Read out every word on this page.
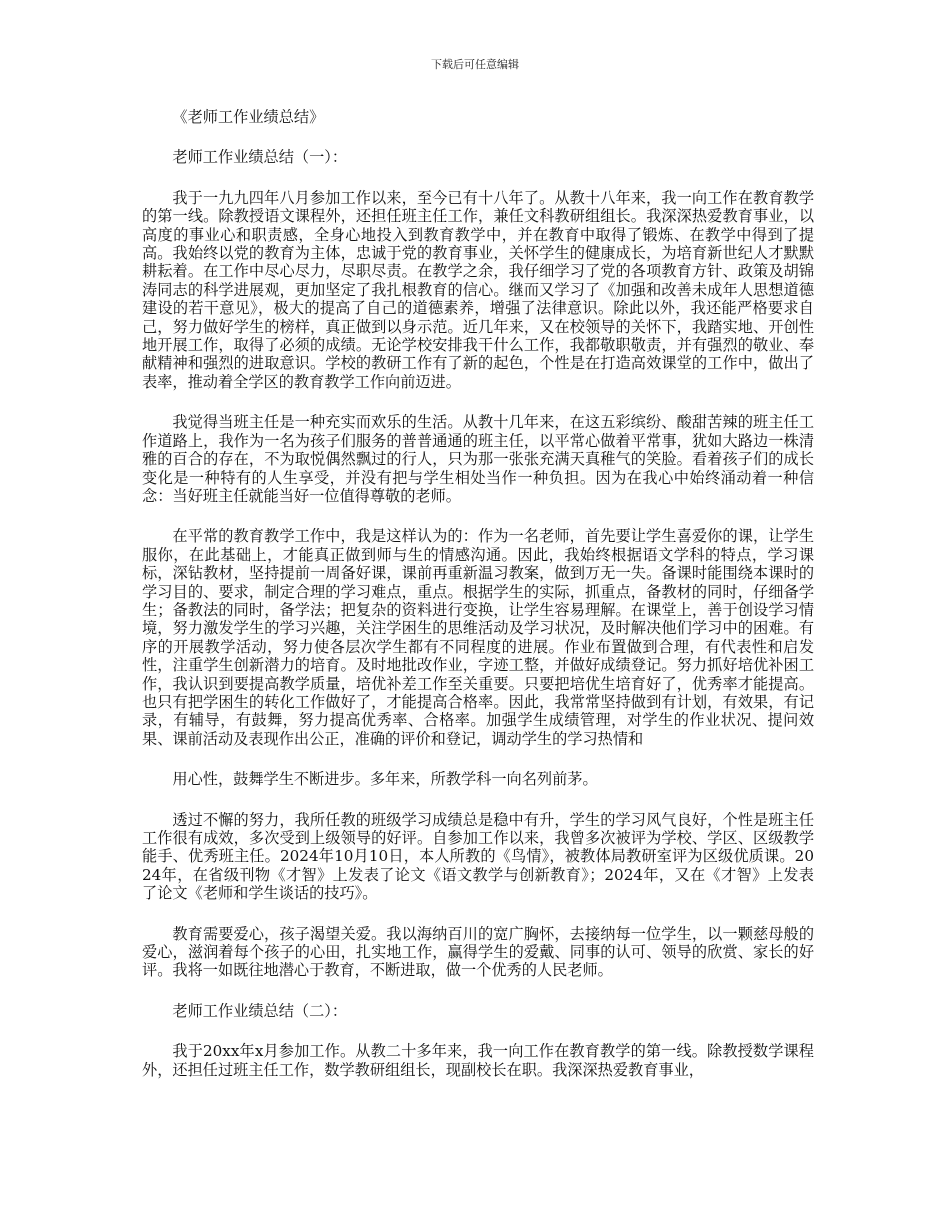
下载后可任意编辑

《老师工作业绩总结》

老师工作业绩总结（一）：

我于一九九四年八月参加工作以来，至今已有十八年了。从教十八年来，我一向工作在教育教学的第一线。除教授语文课程外，还担任班主任工作，兼任文科教研组组长。我深深热爱教育事业，以高度的事业心和职责感，全身心地投入到教育教学中，并在教育中取得了锻炼、在教学中得到了提高。我始终以党的教育为主体，忠诚于党的教育事业，关怀学生的健康成长，为培育新世纪人才默默耕耘着。在工作中尽心尽力，尽职尽责。在教学之余，我仔细学习了党的各项教育方针、政策及胡锦涛同志的科学进展观，更加坚定了我扎根教育的信心。继而又学习了《加强和改善未成年人思想道德建设的若干意见》，极大的提高了自己的道德素养，增强了法律意识。除此以外，我还能严格要求自己，努力做好学生的榜样，真正做到以身示范。近几年来，又在校领导的关怀下，我踏实地、开创性地开展工作，取得了必须的成绩。无论学校安排我干什么工作，我都敬职敬责，并有强烈的敬业、奉献精神和强烈的进取意识。学校的教研工作有了新的起色，个性是在打造高效课堂的工作中，做出了表率，推动着全学区的教育教学工作向前迈进。

我觉得当班主任是一种充实而欢乐的生活。从教十几年来，在这五彩缤纷、酸甜苦辣的班主任工作道路上，我作为一名为孩子们服务的普普通通的班主任，以平常心做着平常事，犹如大路边一株清雅的百合的存在，不为取悦偶然飘过的行人，只为那一张张充满天真稚气的笑脸。看着孩子们的成长变化是一种特有的人生享受，并没有把与学生相处当作一种负担。因为在我心中始终涌动着一种信念：当好班主任就能当好一位值得尊敬的老师。

在平常的教育教学工作中，我是这样认为的：作为一名老师，首先要让学生喜爱你的课，让学生服你，在此基础上，才能真正做到师与生的情感沟通。因此，我始终根据语文学科的特点，学习课标，深钻教材，坚持提前一周备好课，课前再重新温习教案，做到万无一失。备课时能围绕本课时的学习目的、要求，制定合理的学习难点，重点。根据学生的实际，抓重点，备教材的同时，仔细备学生；备教法的同时，备学法；把复杂的资料进行变换，让学生容易理解。在课堂上，善于创设学习情境，努力激发学生的学习兴趣，关注学困生的思维活动及学习状况，及时解决他们学习中的困难。有序的开展教学活动，努力使各层次学生都有不同程度的进展。作业布置做到合理，有代表性和启发性，注重学生创新潜力的培育。及时地批改作业，字迹工整，并做好成绩登记。努力抓好培优补困工作，我认识到要提高教学质量，培优补差工作至关重要。只要把培优生培育好了，优秀率才能提高。也只有把学困生的转化工作做好了，才能提高合格率。因此，我常常坚持做到有计划，有效果，有记录，有辅导，有鼓舞，努力提高优秀率、合格率。加强学生成绩管理，对学生的作业状况、提问效果、课前活动及表现作出公正，准确的评价和登记，调动学生的学习热情和

用心性，鼓舞学生不断进步。多年来，所教学科一向名列前茅。

透过不懈的努力，我所任教的班级学习成绩总是稳中有升，学生的学习风气良好，个性是班主任工作很有成效，多次受到上级领导的好评。自参加工作以来，我曾多次被评为学校、学区、区级教学能手、优秀班主任。2024年10月10日，本人所教的《鸟情》，被教体局教研室评为区级优质课。2024年，在省级刊物《才智》上发表了论文《语文教学与创新教育》；2024年，又在《才智》上发表了论文《老师和学生谈话的技巧》。

教育需要爱心，孩子渴望关爱。我以海纳百川的宽广胸怀，去接纳每一位学生，以一颗慈母般的爱心，滋润着每个孩子的心田，扎实地工作，赢得学生的爱戴、同事的认可、领导的欣赏、家长的好评。我将一如既往地潜心于教育，不断进取，做一个优秀的人民老师。

老师工作业绩总结（二）：

我于20xx年x月参加工作。从教二十多年来，我一向工作在教育教学的第一线。除教授数学课程外，还担任过班主任工作，数学教研组组长，现副校长在职。我深深热爱教育事业，
